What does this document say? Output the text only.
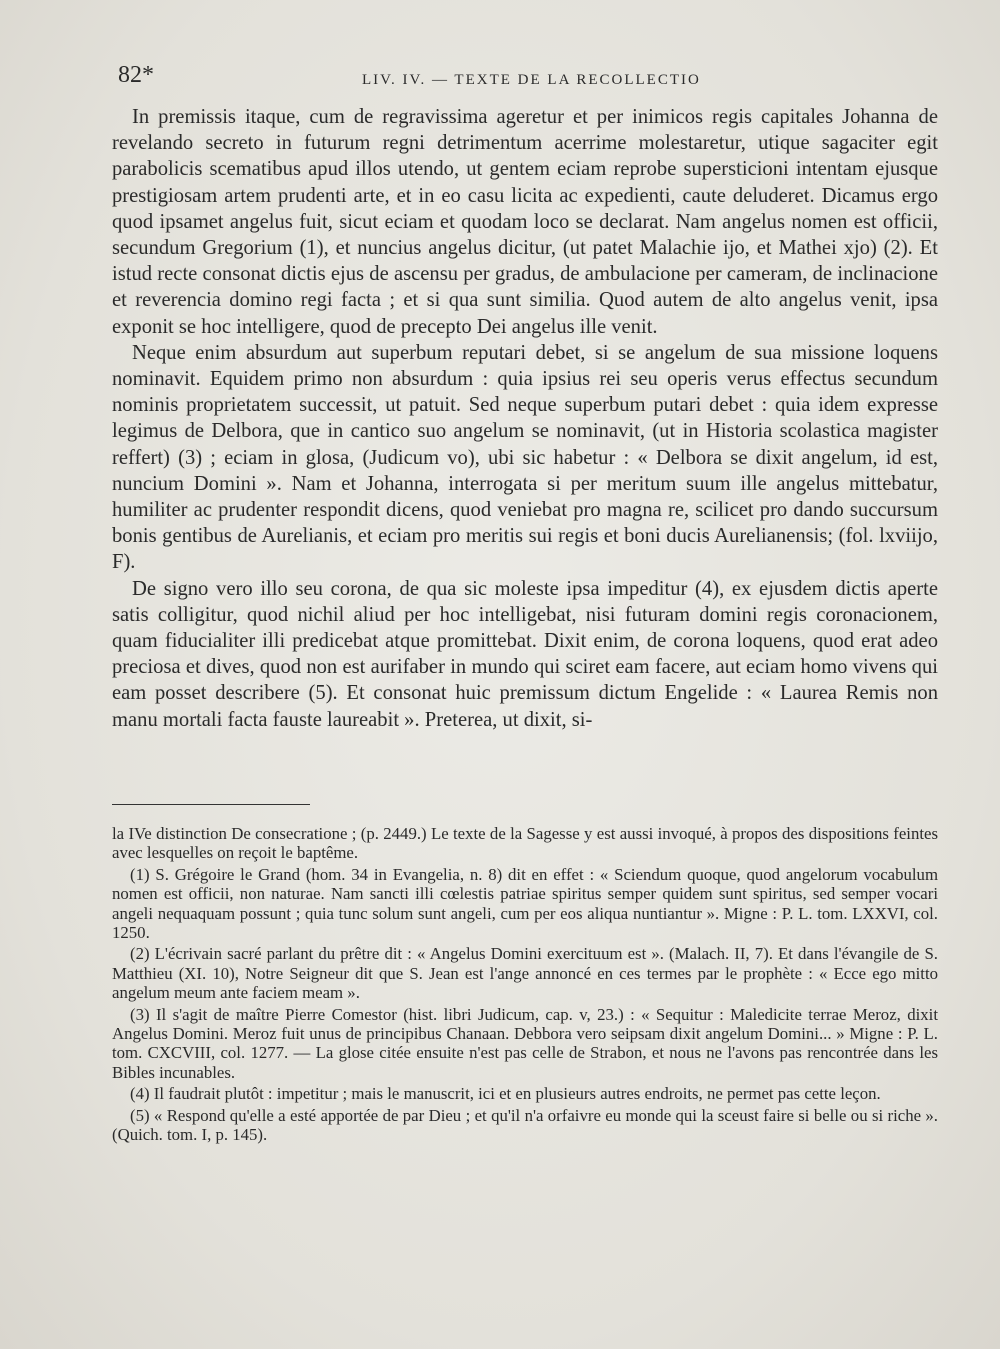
82*	LIV. IV. — TEXTE DE LA RECOLLECTIO

In premissis itaque, cum de regravissima ageretur et per inimicos regis capitales Johanna de revelando secreto in futurum regni detrimentum acerrime molestaretur, utique sagaciter egit parabolicis scematibus apud illos utendo, ut gentem eciam reprobe supersticioni intentam ejusque prestigiosam artem prudenti arte, et in eo casu licita ac expedienti, caute deluderet. Dicamus ergo quod ipsamet angelus fuit, sicut eciam et quodam loco se declarat. Nam angelus nomen est officii, secundum Gregorium (1), et nuncius angelus dicitur, (ut patet Malachie ijo, et Mathei xjo) (2). Et istud recte consonat dictis ejus de ascensu per gradus, de ambulacione per cameram, de inclinacione et reverencia domino regi facta ; et si qua sunt similia. Quod autem de alto angelus venit, ipsa exponit se hoc intelligere, quod de precepto Dei angelus ille venit.

Neque enim absurdum aut superbum reputari debet, si se angelum de sua missione loquens nominavit. Equidem primo non absurdum : quia ipsius rei seu operis verus effectus secundum nominis proprietatem successit, ut patuit. Sed neque superbum putari debet : quia idem expresse legimus de Delbora, que in cantico suo angelum se nominavit, (ut in Historia scolastica magister reffert) (3) ; eciam in glosa, (Judicum vo), ubi sic habetur : « Delbora se dixit angelum, id est, nuncium Domini ». Nam et Johanna, interrogata si per meritum suum ille angelus mittebatur, humiliter ac prudenter respondit dicens, quod veniebat pro magna re, scilicet pro dando succursum bonis gentibus de Aurelianis, et eciam pro meritis sui regis et boni ducis Aurelianensis; (fol. lxviijo, F).

De signo vero illo seu corona, de qua sic moleste ipsa impeditur (4), ex ejusdem dictis aperte satis colligitur, quod nichil aliud per hoc intelligebat, nisi futuram domini regis coronacionem, quam fiducialiter illi predicebat atque promittebat. Dixit enim, de corona loquens, quod erat adeo preciosa et dives, quod non est aurifaber in mundo qui sciret eam facere, aut eciam homo vivens qui eam posset describere (5). Et consonat huic premissum dictum Engelide : « Laurea Remis non manu mortali facta fauste laureabit ». Preterea, ut dixit, si-

la IVe distinction De consecratione ; (p. 2449.) Le texte de la Sagesse y est aussi invoqué, à propos des dispositions feintes avec lesquelles on reçoit le baptême.

(1) S. Grégoire le Grand (hom. 34 in Evangelia, n. 8) dit en effet : « Sciendum quoque, quod angelorum vocabulum nomen est officii, non naturae. Nam sancti illi cœlestis patriae spiritus semper quidem sunt spiritus, sed semper vocari angeli nequaquam possunt ; quia tunc solum sunt angeli, cum per eos aliqua nuntiantur ». Migne : P. L. tom. LXXVI, col. 1250.

(2) L'écrivain sacré parlant du prêtre dit : « Angelus Domini exercituum est ». (Malach. II, 7). Et dans l'évangile de S. Matthieu (XI. 10), Notre Seigneur dit que S. Jean est l'ange annoncé en ces termes par le prophète : « Ecce ego mitto angelum meum ante faciem meam ».

(3) Il s'agit de maître Pierre Comestor (hist. libri Judicum, cap. v, 23.) : « Sequitur : Maledicite terrae Meroz, dixit Angelus Domini. Meroz fuit unus de principibus Chanaan. Debbora vero seipsam dixit angelum Domini... » Migne : P. L. tom. CXCVIII, col. 1277. — La glose citée ensuite n'est pas celle de Strabon, et nous ne l'avons pas rencontrée dans les Bibles incunables.

(4) Il faudrait plutôt : impetitur ; mais le manuscrit, ici et en plusieurs autres endroits, ne permet pas cette leçon.

(5) « Respond qu'elle a esté apportée de par Dieu ; et qu'il n'a orfaivre eu monde qui la sceust faire si belle ou si riche ». (Quich. tom. I, p. 145).
